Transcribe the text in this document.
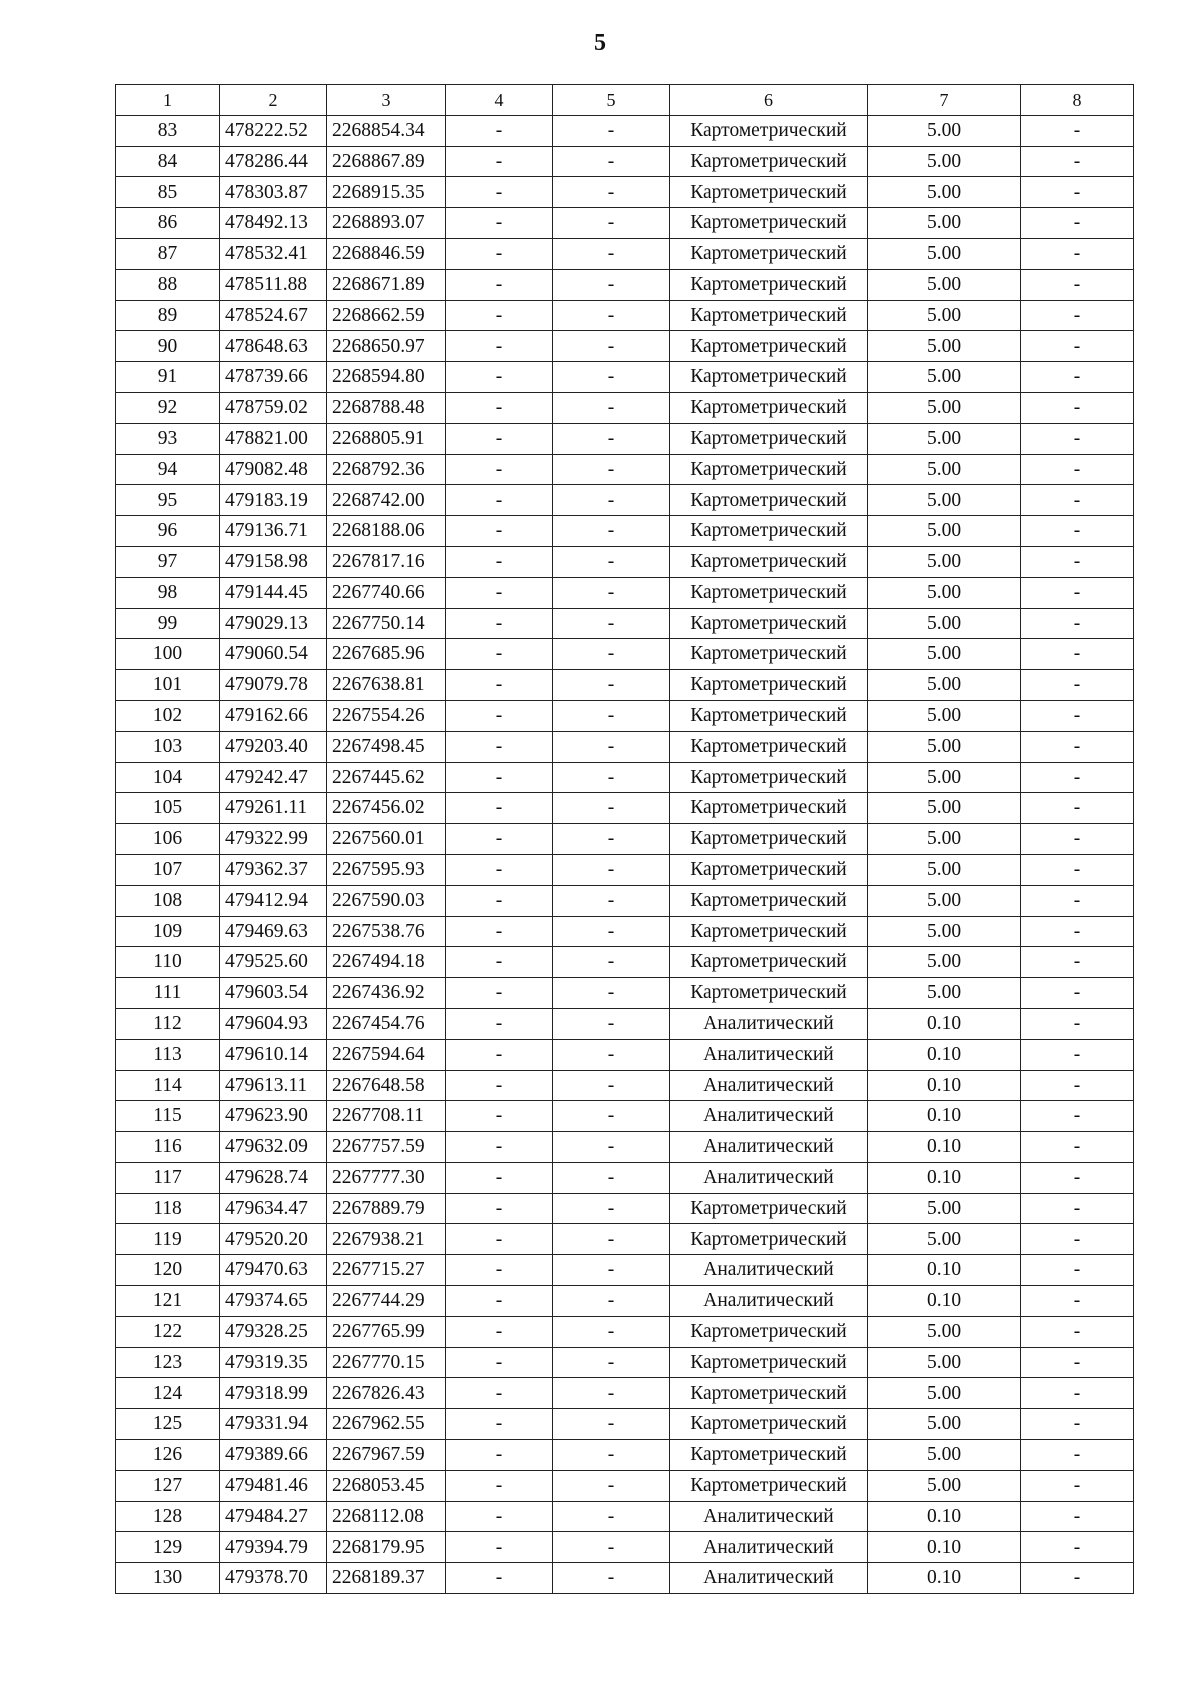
5
1	2	3	4	5	6	7	8
83	478222.52	2268854.34	-	-	Картометрический	5.00	-
84	478286.44	2268867.89	-	-	Картометрический	5.00	-
85	478303.87	2268915.35	-	-	Картометрический	5.00	-
86	478492.13	2268893.07	-	-	Картометрический	5.00	-
87	478532.41	2268846.59	-	-	Картометрический	5.00	-
88	478511.88	2268671.89	-	-	Картометрический	5.00	-
89	478524.67	2268662.59	-	-	Картометрический	5.00	-
90	478648.63	2268650.97	-	-	Картометрический	5.00	-
91	478739.66	2268594.80	-	-	Картометрический	5.00	-
92	478759.02	2268788.48	-	-	Картометрический	5.00	-
93	478821.00	2268805.91	-	-	Картометрический	5.00	-
94	479082.48	2268792.36	-	-	Картометрический	5.00	-
95	479183.19	2268742.00	-	-	Картометрический	5.00	-
96	479136.71	2268188.06	-	-	Картометрический	5.00	-
97	479158.98	2267817.16	-	-	Картометрический	5.00	-
98	479144.45	2267740.66	-	-	Картометрический	5.00	-
99	479029.13	2267750.14	-	-	Картометрический	5.00	-
100	479060.54	2267685.96	-	-	Картометрический	5.00	-
101	479079.78	2267638.81	-	-	Картометрический	5.00	-
102	479162.66	2267554.26	-	-	Картометрический	5.00	-
103	479203.40	2267498.45	-	-	Картометрический	5.00	-
104	479242.47	2267445.62	-	-	Картометрический	5.00	-
105	479261.11	2267456.02	-	-	Картометрический	5.00	-
106	479322.99	2267560.01	-	-	Картометрический	5.00	-
107	479362.37	2267595.93	-	-	Картометрический	5.00	-
108	479412.94	2267590.03	-	-	Картометрический	5.00	-
109	479469.63	2267538.76	-	-	Картометрический	5.00	-
110	479525.60	2267494.18	-	-	Картометрический	5.00	-
111	479603.54	2267436.92	-	-	Картометрический	5.00	-
112	479604.93	2267454.76	-	-	Аналитический	0.10	-
113	479610.14	2267594.64	-	-	Аналитический	0.10	-
114	479613.11	2267648.58	-	-	Аналитический	0.10	-
115	479623.90	2267708.11	-	-	Аналитический	0.10	-
116	479632.09	2267757.59	-	-	Аналитический	0.10	-
117	479628.74	2267777.30	-	-	Аналитический	0.10	-
118	479634.47	2267889.79	-	-	Картометрический	5.00	-
119	479520.20	2267938.21	-	-	Картометрический	5.00	-
120	479470.63	2267715.27	-	-	Аналитический	0.10	-
121	479374.65	2267744.29	-	-	Аналитический	0.10	-
122	479328.25	2267765.99	-	-	Картометрический	5.00	-
123	479319.35	2267770.15	-	-	Картометрический	5.00	-
124	479318.99	2267826.43	-	-	Картометрический	5.00	-
125	479331.94	2267962.55	-	-	Картометрический	5.00	-
126	479389.66	2267967.59	-	-	Картометрический	5.00	-
127	479481.46	2268053.45	-	-	Картометрический	5.00	-
128	479484.27	2268112.08	-	-	Аналитический	0.10	-
129	479394.79	2268179.95	-	-	Аналитический	0.10	-
130	479378.70	2268189.37	-	-	Аналитический	0.10	-
